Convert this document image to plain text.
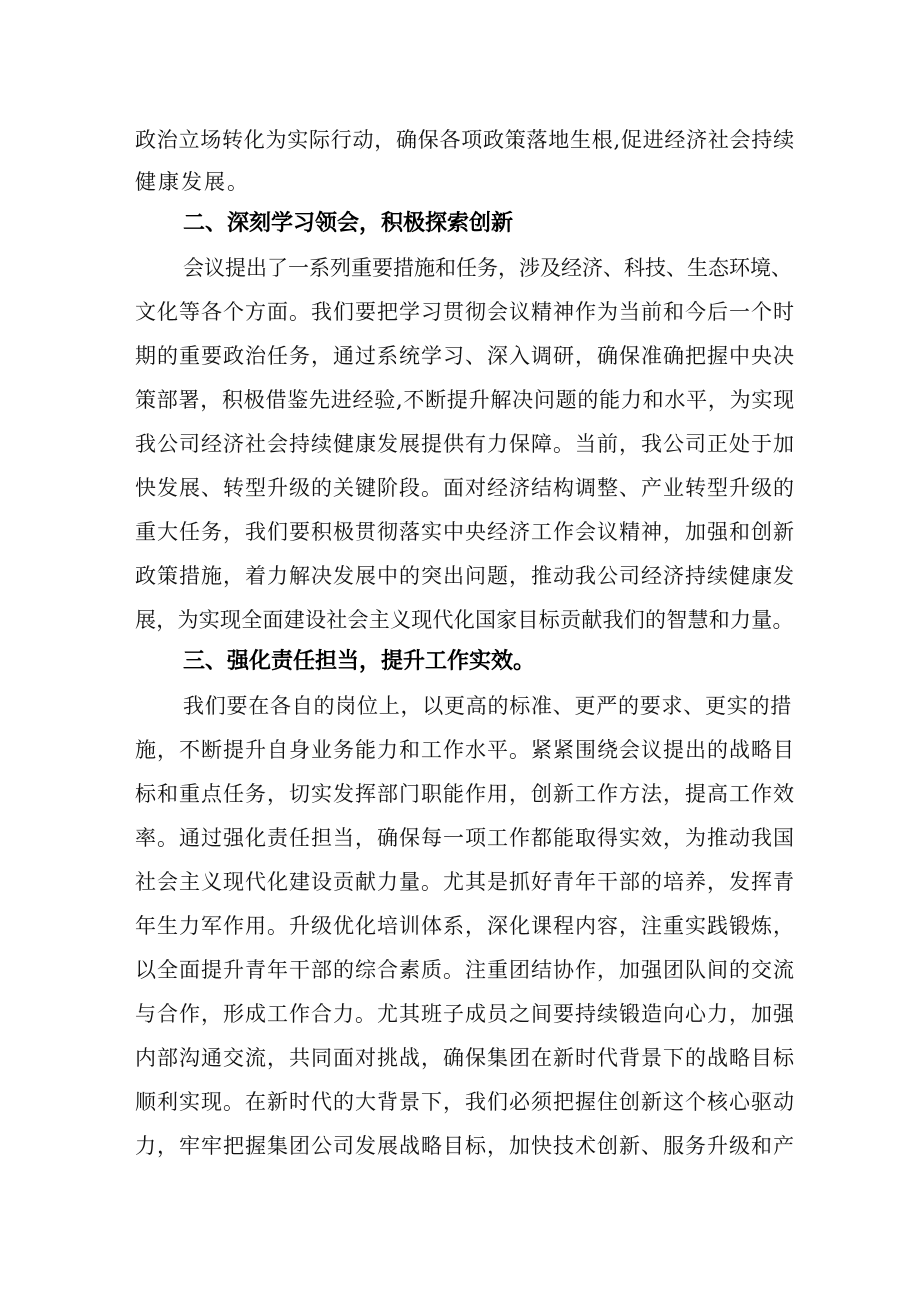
政治立场转化为实际行动，确保各项政策落地生根,促进经济社会持续
健康发展。
二、深刻学习领会，积极探索创新
会议提出了一系列重要措施和任务，涉及经济、科技、生态环境、
文化等各个方面。我们要把学习贯彻会议精神作为当前和今后一个时
期的重要政治任务，通过系统学习、深入调研，确保准确把握中央决
策部署，积极借鉴先进经验,不断提升解决问题的能力和水平，为实现
我公司经济社会持续健康发展提供有力保障。当前，我公司正处于加
快发展、转型升级的关键阶段。面对经济结构调整、产业转型升级的
重大任务，我们要积极贯彻落实中央经济工作会议精神，加强和创新
政策措施，着力解决发展中的突出问题，推动我公司经济持续健康发
展，为实现全面建设社会主义现代化国家目标贡献我们的智慧和力量。
三、强化责任担当，提升工作实效。
我们要在各自的岗位上，以更高的标准、更严的要求、更实的措
施，不断提升自身业务能力和工作水平。紧紧围绕会议提出的战略目
标和重点任务，切实发挥部门职能作用，创新工作方法，提高工作效
率。通过强化责任担当，确保每一项工作都能取得实效，为推动我国
社会主义现代化建设贡献力量。尤其是抓好青年干部的培养，发挥青
年生力军作用。升级优化培训体系，深化课程内容，注重实践锻炼，
以全面提升青年干部的综合素质。注重团结协作，加强团队间的交流
与合作，形成工作合力。尤其班子成员之间要持续锻造向心力，加强
内部沟通交流，共同面对挑战，确保集团在新时代背景下的战略目标
顺利实现。在新时代的大背景下，我们必须把握住创新这个核心驱动
力，牢牢把握集团公司发展战略目标，加快技术创新、服务升级和产
